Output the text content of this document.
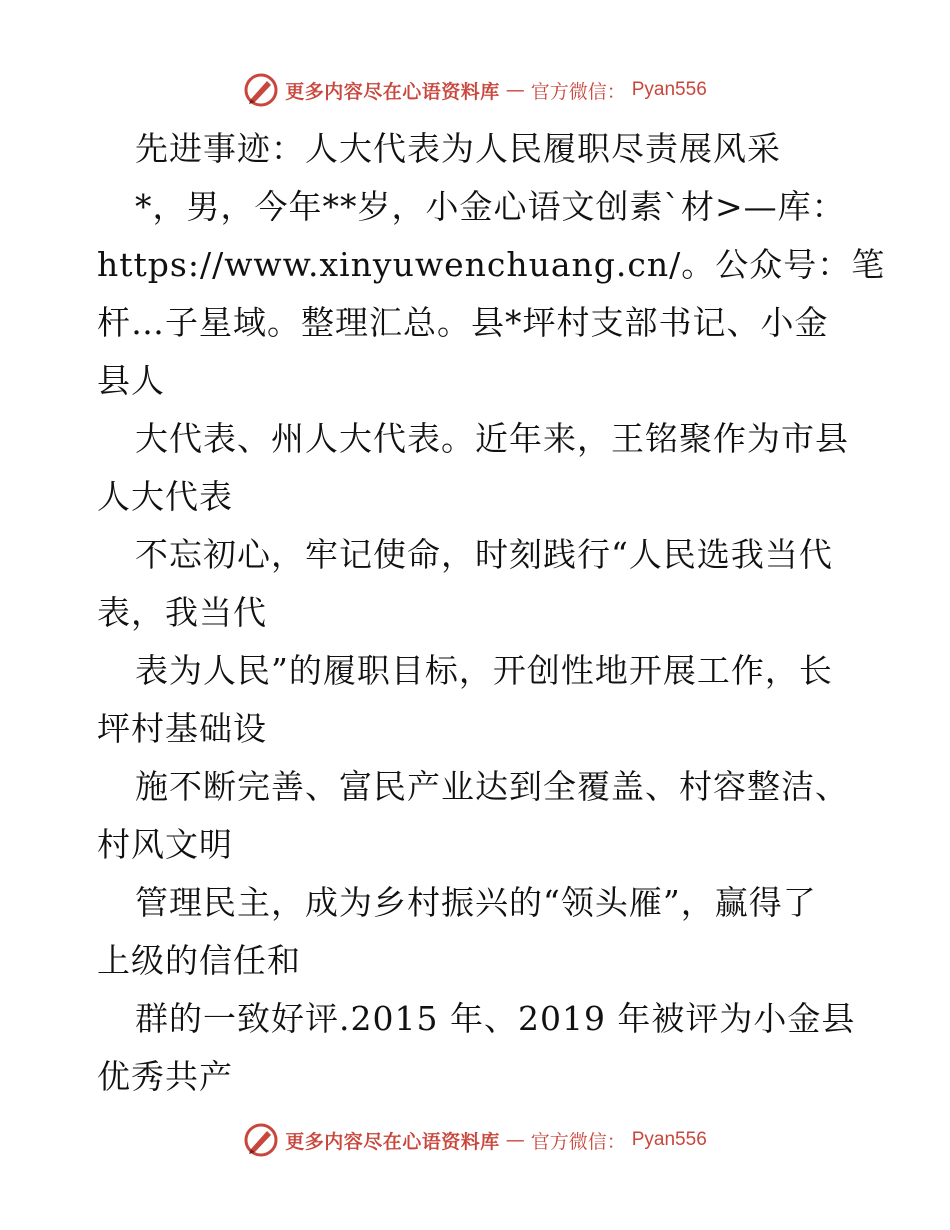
更多内容尽在心语资料库 — 官方微信： Pyan556
先进事迹：人大代表为人民履职尽责展风采
*，男，今年**岁，小金心语文创素`材>—库：
https://www.xinyuwenchuang.cn/。公众号：笔
杆…子星域。整理汇总。县*坪村支部书记、小金
县人
大代表、州人大代表。近年来，王铭聚作为市县
人大代表
不忘初心，牢记使命，时刻践行“人民选我当代
表，我当代
表为人民”的履职目标，开创性地开展工作，长
坪村基础设
施不断完善、富民产业达到全覆盖、村容整洁、
村风文明
管理民主，成为乡村振兴的“领头雁”，赢得了
上级的信任和
群的一致好评.2015 年、2019 年被评为小金县
优秀共产
更多内容尽在心语资料库 — 官方微信： Pyan556
